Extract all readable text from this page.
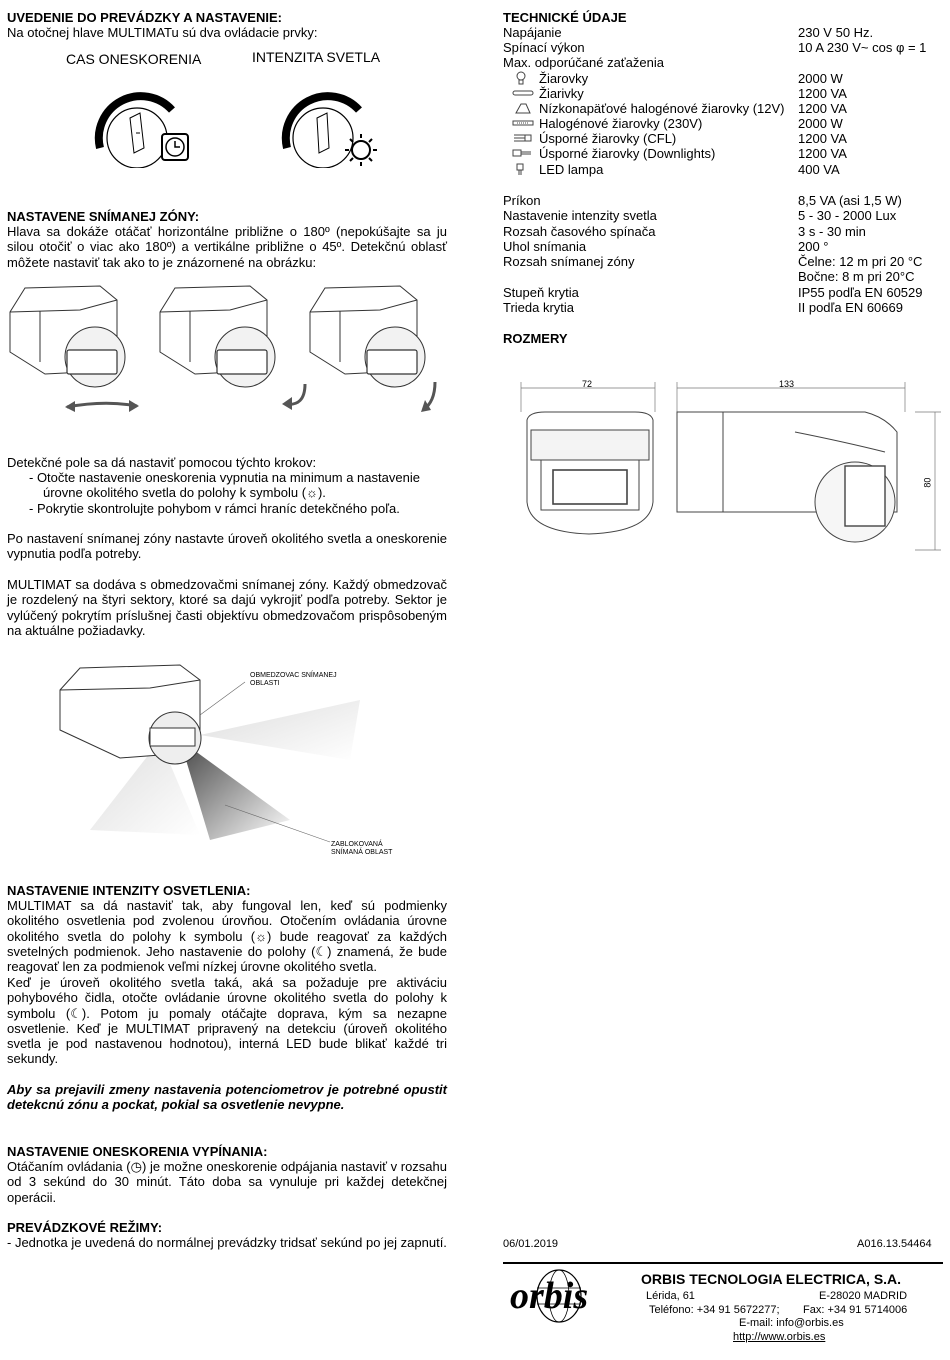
UVEDENIE DO PREVÁDZKY A NASTAVENIE:
Na otočnej hlave MULTIMATu sú dva ovládacie prvky:
CAS ONESKORENIA	INTENZITA SVETLA
NASTAVENE SNÍMANEJ ZÓNY:
Hlava sa dokáže otáčať horizontálne približne o 180º (nepokúšajte sa ju silou otočiť o viac ako 180º) a vertikálne približne o 45º. Detekčnú oblasť môžete nastaviť tak ako to je znázornené na obrázku:
Detekčné pole sa dá nastaviť pomocou týchto krokov:
- Otočte nastavenie oneskorenia vypnutia na minimum a nastavenie úrovne okolitého svetla do polohy k symbolu (☼).
- Pokrytie skontrolujte pohybom v rámci hraníc detekčného poľa.
Po nastavení snímanej zóny nastavte úroveň okolitého svetla a oneskorenie vypnutia podľa potreby.
MULTIMAT sa dodáva s obmedzovačmi snímanej zóny. Každý obmedzovač je rozdelený na štyri sektory, ktoré sa dajú vykrojiť podľa potreby. Sektor je vylúčený pokrytím príslušnej časti objektívu obmedzovačom prispôsobeným na aktuálne požiadavky.
OBMEDZOVAC SNÍMANEJ
OBLASTI
ZABLOKOVANÁ
SNÍMANÁ OBLAST
NASTAVENIE INTENZITY OSVETLENIA:
MULTIMAT sa dá nastaviť tak, aby fungoval len, keď sú podmienky okolitého osvetlenia pod zvolenou úrovňou. Otočením ovládania úrovne okolitého svetla do polohy k symbolu (☼) bude reagovať za každých svetelných podmienok. Jeho nastavenie do polohy (☾) znamená, že bude reagovať len za podmienok veľmi nízkej úrovne okolitého svetla.
Keď je úroveň okolitého svetla taká, aká sa požaduje pre aktiváciu pohybového čidla, otočte ovládanie úrovne okolitého svetla do polohy k symbolu (☾). Potom ju pomaly otáčajte doprava, kým sa nezapne osvetlenie. Keď je MULTIMAT pripravený na detekciu (úroveň okolitého svetla je pod nastavenou hodnotou), interná LED bude blikať každé tri sekundy.
Aby sa prejavili zmeny nastavenia potenciometrov je potrebné opustit detekcnú zónu a pockat, pokial sa osvetlenie nevypne.
NASTAVENIE ONESKORENIA VYPÍNANIA:
Otáčaním ovládania (◷) je možne oneskorenie odpájania nastaviť v rozsahu od 3 sekúnd do 30 minút. Táto doba sa vynuluje pri každej detekčnej operácii.
PREVÁDZKOVÉ REŽIMY:
- Jednotka je uvedená do normálnej prevádzky tridsať sekúnd po jej zapnutí.
TECHNICKÉ ÚDAJE
Napájanie	230 V 50 Hz.
Spínací výkon	10 A 230 V~ cos φ = 1
Max. odporúčané zaťaženia
Žiarovky	2000 W
Žiarivky	1200 VA
Nízkonapäťové halogénové žiarovky (12V) 1200 VA
Halogénové žiarovky (230V)	2000 W
Úsporné žiarovky (CFL)	1200 VA
Úsporné žiarovky (Downlights)	1200 VA
LED lampa	400 VA
Príkon	8,5 VA (asi 1,5 W)
Nastavenie intenzity svetla	5 - 30 - 2000 Lux
Rozsah časového spínača	3 s - 30 min
Uhol snímania	200 °
Rozsah snímanej zóny	Čelne: 12 m pri 20 °C
Bočne: 8 m pri 20°C
Stupeň krytia	IP55 podľa EN 60529
Trieda krytia	II podľa EN 60669
ROZMERY
72	133
80
06/01.2019	A016.13.54464
orbis	ORBIS TECNOLOGIA ELECTRICA, S.A.
Lérida, 61	E-28020 MADRID
Teléfono: +34 91 5672277; Fax: +34 91 5714006
E-mail: info@orbis.es
http://www.orbis.es
